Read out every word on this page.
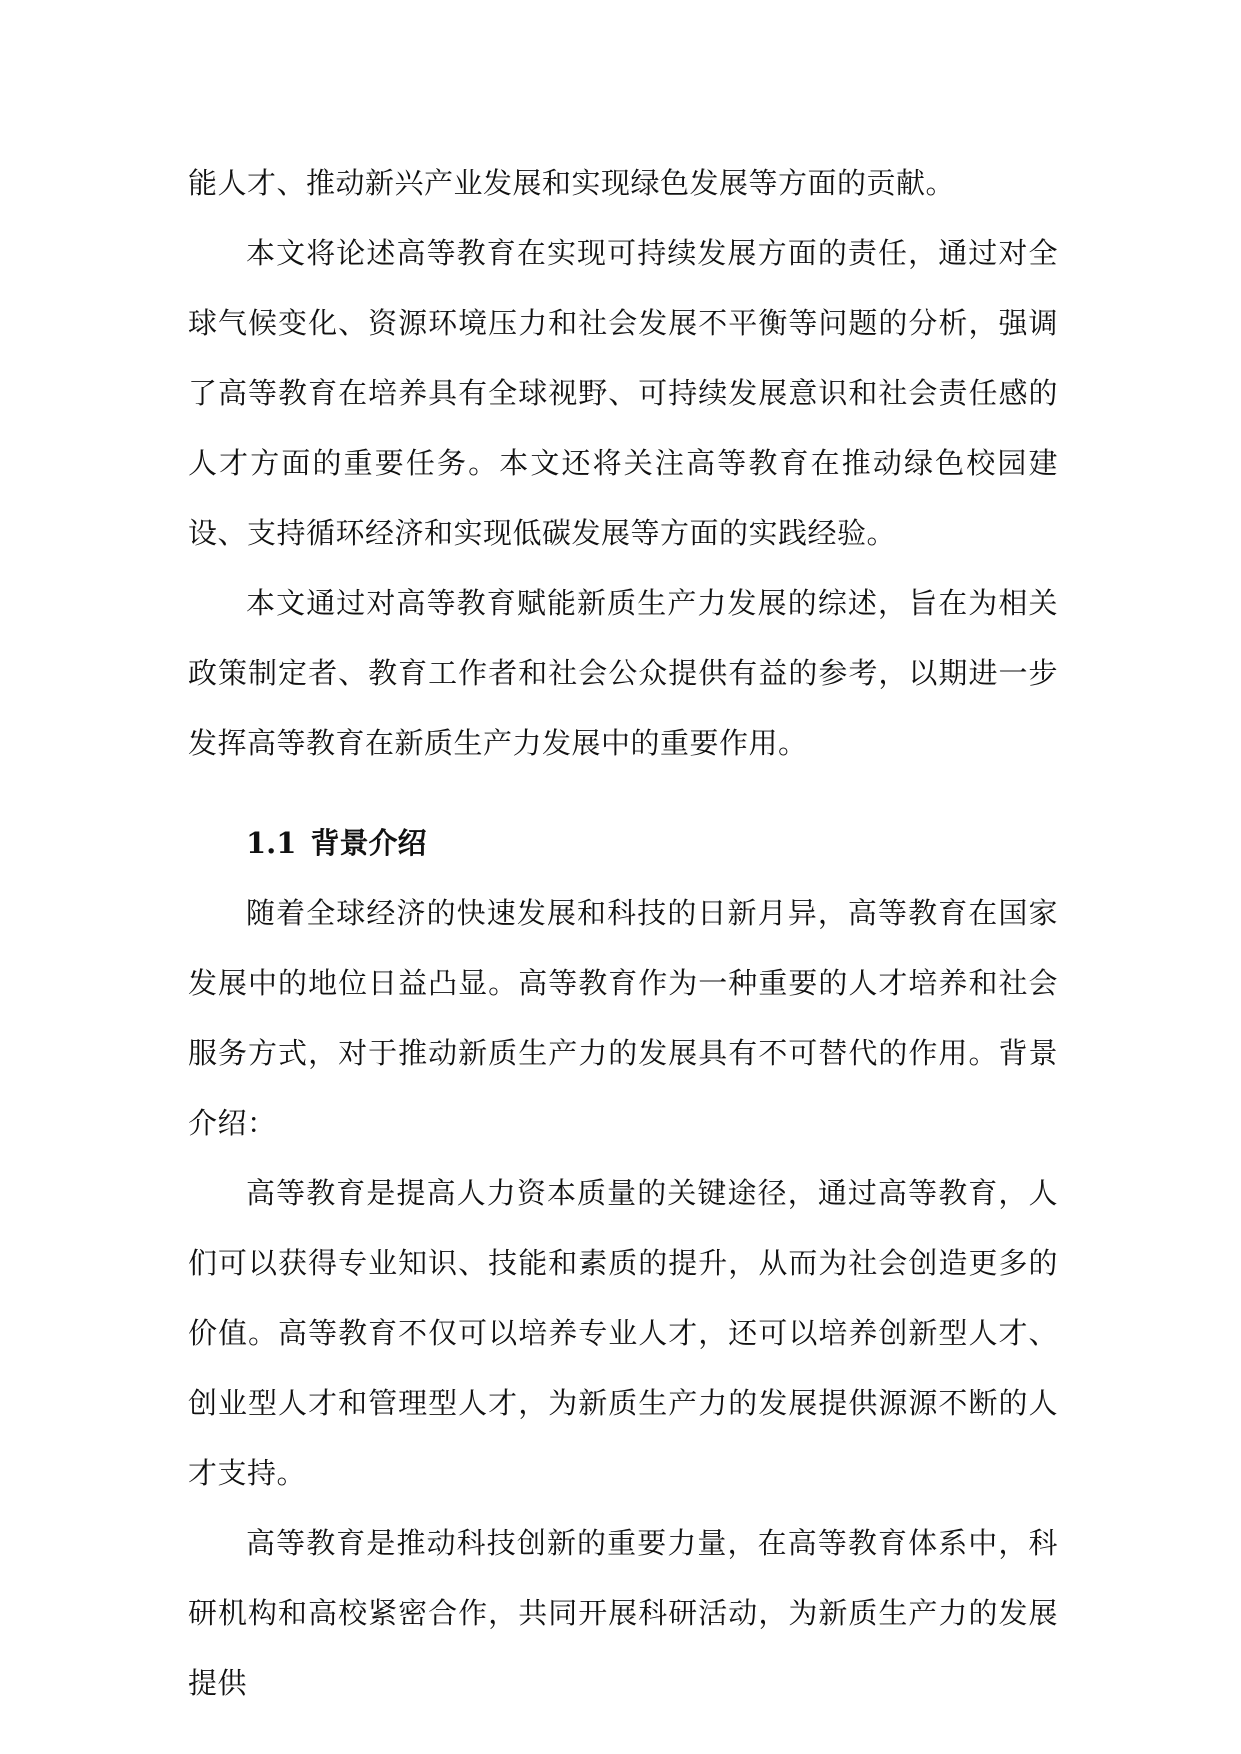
能人才、推动新兴产业发展和实现绿色发展等方面的贡献。

本文将论述高等教育在实现可持续发展方面的责任，通过对全球气候变化、资源环境压力和社会发展不平衡等问题的分析，强调了高等教育在培养具有全球视野、可持续发展意识和社会责任感的人才方面的重要任务。本文还将关注高等教育在推动绿色校园建设、支持循环经济和实现低碳发展等方面的实践经验。

本文通过对高等教育赋能新质生产力发展的综述，旨在为相关政策制定者、教育工作者和社会公众提供有益的参考，以期进一步发挥高等教育在新质生产力发展中的重要作用。

1.1 背景介绍

随着全球经济的快速发展和科技的日新月异，高等教育在国家发展中的地位日益凸显。高等教育作为一种重要的人才培养和社会服务方式，对于推动新质生产力的发展具有不可替代的作用。背景介绍：

高等教育是提高人力资本质量的关键途径，通过高等教育，人们可以获得专业知识、技能和素质的提升，从而为社会创造更多的价值。高等教育不仅可以培养专业人才，还可以培养创新型人才、创业型人才和管理型人才，为新质生产力的发展提供源源不断的人才支持。

高等教育是推动科技创新的重要力量，在高等教育体系中，科研机构和高校紧密合作，共同开展科研活动，为新质生产力的发展提供
